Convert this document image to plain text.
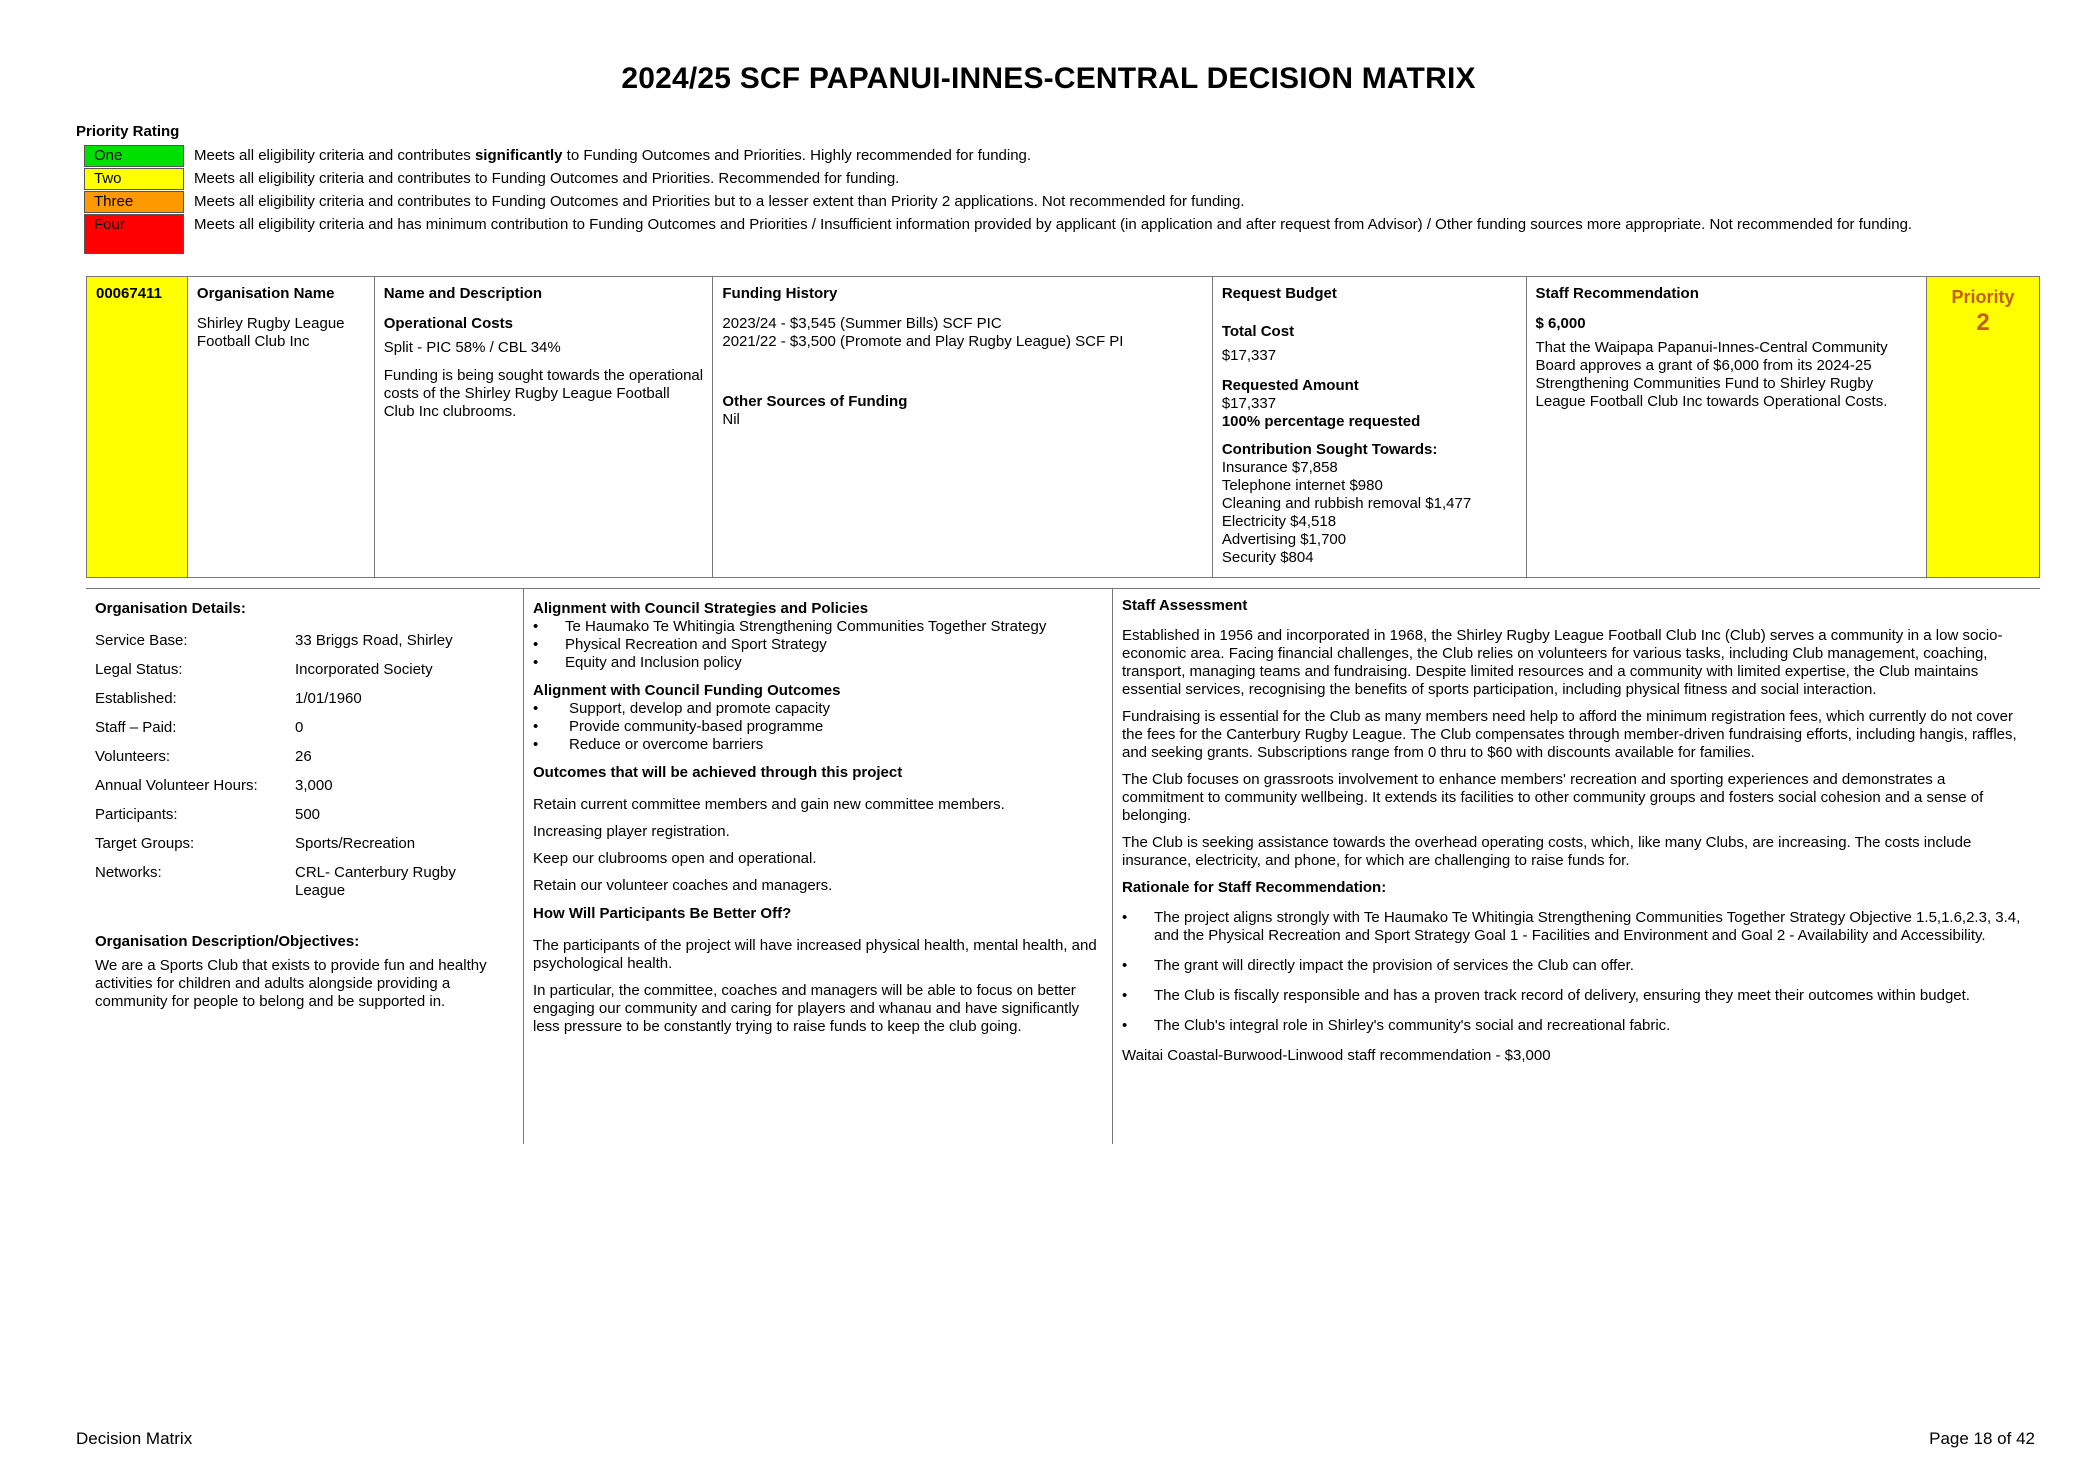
2024/25 SCF PAPANUI-INNES-CENTRAL DECISION MATRIX
Priority Rating
One	Meets all eligibility criteria and contributes significantly to Funding Outcomes and Priorities. Highly recommended for funding.
Two	Meets all eligibility criteria and contributes to Funding Outcomes and Priorities. Recommended for funding.
Three	Meets all eligibility criteria and contributes to Funding Outcomes and Priorities but to a lesser extent than Priority 2 applications. Not recommended for funding.
Four	Meets all eligibility criteria and has minimum contribution to Funding Outcomes and Priorities / Insufficient information provided by applicant (in application and after request from Advisor) / Other funding sources more appropriate. Not recommended for funding.
00067411	Organisation Name
Shirley Rugby League Football Club Inc
Name and Description
Operational Costs
Split - PIC 58% / CBL 34%
Funding is being sought towards the operational costs of the Shirley Rugby League Football Club Inc clubrooms.
Funding History
2023/24 - $3,545 (Summer Bills) SCF PIC
2021/22 - $3,500 (Promote and Play Rugby League) SCF PI
Other Sources of Funding
Nil
Request Budget
Total Cost
$17,337
Requested Amount
$17,337
100% percentage requested
Contribution Sought Towards:
Insurance $7,858
Telephone internet $980
Cleaning and rubbish removal $1,477
Electricity $4,518
Advertising $1,700
Security $804
Staff Recommendation
$ 6,000
That the Waipapa Papanui-Innes-Central Community Board approves a grant of $6,000 from its 2024-25 Strengthening Communities Fund to Shirley Rugby League Football Club Inc towards Operational Costs.
Priority
2
Organisation Details:
Service Base:	33 Briggs Road, Shirley
Legal Status:	Incorporated Society
Established:	1/01/1960
Staff – Paid:	0
Volunteers:	26
Annual Volunteer Hours:	3,000
Participants:	500
Target Groups:	Sports/Recreation
Networks:	CRL- Canterbury Rugby League
Organisation Description/Objectives:
We are a Sports Club that exists to provide fun and healthy activities for children and adults alongside providing a community for people to belong and be supported in.
Alignment with Council Strategies and Policies
• Te Haumako Te Whitingia Strengthening Communities Together Strategy
• Physical Recreation and Sport Strategy
• Equity and Inclusion policy
Alignment with Council Funding Outcomes
• Support, develop and promote capacity
• Provide community-based programme
• Reduce or overcome barriers
Outcomes that will be achieved through this project
Retain current committee members and gain new committee members.
Increasing player registration.
Keep our clubrooms open and operational.
Retain our volunteer coaches and managers.
How Will Participants Be Better Off?
The participants of the project will have increased physical health, mental health, and psychological health.
In particular, the committee, coaches and managers will be able to focus on better engaging our community and caring for players and whanau and have significantly less pressure to be constantly trying to raise funds to keep the club going.
Staff Assessment
Established in 1956 and incorporated in 1968, the Shirley Rugby League Football Club Inc (Club) serves a community in a low socio-economic area. Facing financial challenges, the Club relies on volunteers for various tasks, including Club management, coaching, transport, managing teams and fundraising. Despite limited resources and a community with limited expertise, the Club maintains essential services, recognising the benefits of sports participation, including physical fitness and social interaction.
Fundraising is essential for the Club as many members need help to afford the minimum registration fees, which currently do not cover the fees for the Canterbury Rugby League. The Club compensates through member-driven fundraising efforts, including hangis, raffles, and seeking grants. Subscriptions range from 0 thru to $60 with discounts available for families.
The Club focuses on grassroots involvement to enhance members' recreation and sporting experiences and demonstrates a commitment to community wellbeing. It extends its facilities to other community groups and fosters social cohesion and a sense of belonging.
The Club is seeking assistance towards the overhead operating costs, which, like many Clubs, are increasing. The costs include insurance, electricity, and phone, for which are challenging to raise funds for.
Rationale for Staff Recommendation:
• The project aligns strongly with Te Haumako Te Whitingia Strengthening Communities Together Strategy Objective 1.5,1.6,2.3, 3.4, and the Physical Recreation and Sport Strategy Goal 1 - Facilities and Environment and Goal 2 - Availability and Accessibility.
• The grant will directly impact the provision of services the Club can offer.
• The Club is fiscally responsible and has a proven track record of delivery, ensuring they meet their outcomes within budget.
• The Club's integral role in Shirley's community's social and recreational fabric.
Waitai Coastal-Burwood-Linwood staff recommendation - $3,000
Decision Matrix	Page 18 of 42
